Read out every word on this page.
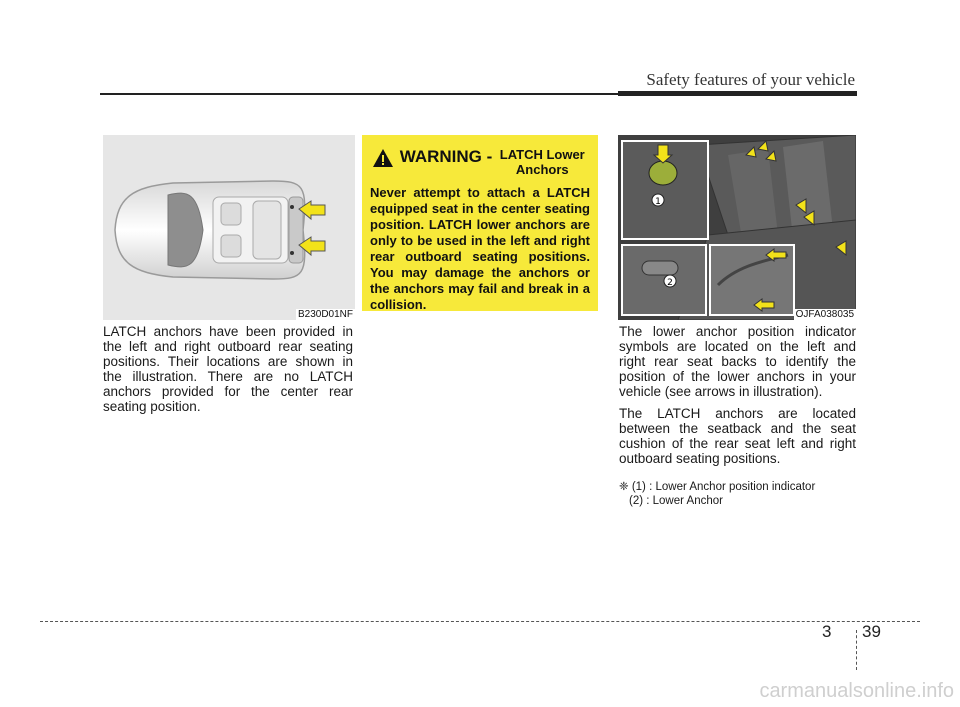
Safety features of your vehicle
B230D01NF
WARNING - LATCH Lower Anchors
Never attempt to attach a LATCH equipped seat in the center seating position. LATCH lower anchors are only to be used in the left and right rear outboard seating positions. You may damage the anchors or the anchors may fail and break in a collision.
1
2
OJFA038035
LATCH anchors have been provided in the left and right outboard rear seating positions. Their locations are shown in the illustration. There are no LATCH anchors provided for the center rear seating position.

The lower anchor position indicator symbols are located on the left and right rear seat backs to identify the position of the lower anchors in your vehicle (see arrows in illustration).

The LATCH anchors are located between the seatback and the seat cushion of the rear seat left and right outboard seating positions.

❈ (1) : Lower Anchor position indicator
(2) : Lower Anchor
3 39
carmanualsonline.info
